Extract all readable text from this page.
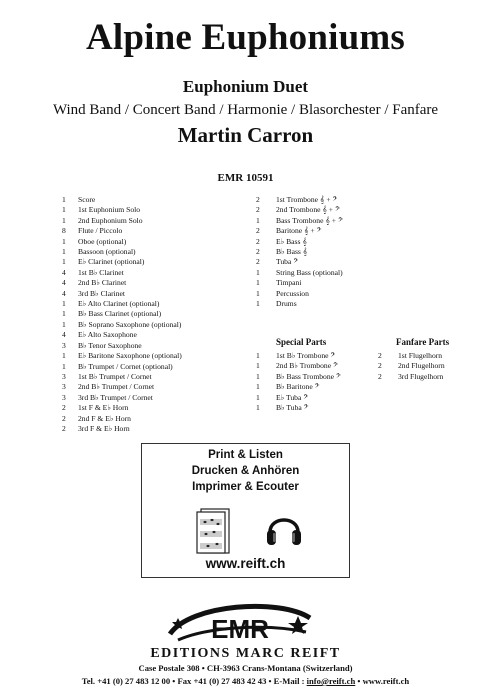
Alpine Euphoniums
Euphonium Duet
Wind Band / Concert Band / Harmonie / Blasorchester / Fanfare
Martin Carron
EMR 10591
1	Score
1	1st Euphonium Solo
1	2nd Euphonium Solo
8	Flute / Piccolo
1	Oboe (optional)
1	Bassoon (optional)
1	E♭ Clarinet (optional)
4	1st B♭ Clarinet
4	2nd B♭ Clarinet
4	3rd B♭ Clarinet
1	E♭ Alto Clarinet (optional)
1	B♭ Bass Clarinet (optional)
1	B♭ Soprano Saxophone (optional)
4	E♭ Alto Saxophone
3	B♭ Tenor Saxophone
1	E♭ Baritone Saxophone (optional)
1	B♭ Trumpet / Cornet (optional)
3	1st B♭ Trumpet / Cornet
3	2nd B♭ Trumpet / Cornet
3	3rd B♭ Trumpet / Cornet
2	1st F & E♭ Horn
2	2nd F & E♭ Horn
2	3rd F & E♭ Horn
2	1st Trombone 𝄞 + 𝄢
2	2nd Trombone 𝄞 + 𝄢
1	Bass Trombone 𝄞 + 𝄢
2	Baritone 𝄞 + 𝄢
2	E♭ Bass 𝄞
2	B♭ Bass 𝄞
2	Tuba 𝄢
1	String Bass (optional)
1	Timpani
1	Percussion
1	Drums
Special Parts	Fanfare Parts
1	1st B♭ Trombone 𝄢
1	2nd B♭ Trombone 𝄢
1	B♭ Bass Trombone 𝄢
1	B♭ Baritone 𝄢
1	E♭ Tuba 𝄢
1	B♭ Tuba 𝄢
2	1st Flugelhorn
2	2nd Flugelhorn
2	3rd Flugelhorn
Print & Listen
Drucken & Anhören
Imprimer & Ecouter
www.reift.ch
EMR
EDITIONS MARC REIFT
Case Postale 308 • CH-3963 Crans-Montana (Switzerland)
Tel. +41 (0) 27 483 12 00 • Fax +41 (0) 27 483 42 43 • E-Mail : info@reift.ch • www.reift.ch
